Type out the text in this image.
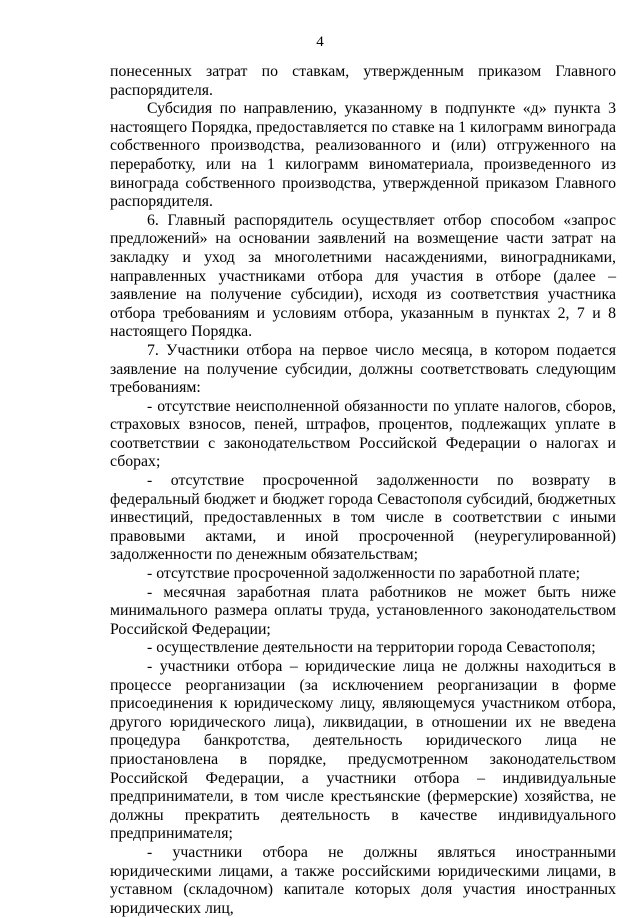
4

понесенных затрат по ставкам, утвержденным приказом Главного распорядителя.

Субсидия по направлению, указанному в подпункте «д» пункта 3 настоящего Порядка, предоставляется по ставке на 1 килограмм винограда собственного производства, реализованного и (или) отгруженного на переработку, или на 1 килограмм виноматериала, произведенного из винограда собственного производства, утвержденной приказом Главного распорядителя.

6. Главный распорядитель осуществляет отбор способом «запрос предложений» на основании заявлений на возмещение части затрат на закладку и уход за многолетними насаждениями, виноградниками, направленных участниками отбора для участия в отборе (далее – заявление на получение субсидии), исходя из соответствия участника отбора требованиям и условиям отбора, указанным в пунктах 2, 7 и 8 настоящего Порядка.

7. Участники отбора на первое число месяца, в котором подается заявление на получение субсидии, должны соответствовать следующим требованиям:

- отсутствие неисполненной обязанности по уплате налогов, сборов, страховых взносов, пеней, штрафов, процентов, подлежащих уплате в соответствии с законодательством Российской Федерации о налогах и сборах;

- отсутствие просроченной задолженности по возврату в федеральный бюджет и бюджет города Севастополя субсидий, бюджетных инвестиций, предоставленных в том числе в соответствии с иными правовыми актами, и иной просроченной (неурегулированной) задолженности по денежным обязательствам;

- отсутствие просроченной задолженности по заработной плате;

- месячная заработная плата работников не может быть ниже минимального размера оплаты труда, установленного законодательством Российской Федерации;

- осуществление деятельности на территории города Севастополя;

- участники отбора – юридические лица не должны находиться в процессе реорганизации (за исключением реорганизации в форме присоединения к юридическому лицу, являющемуся участником отбора, другого юридического лица), ликвидации, в отношении их не введена процедура банкротства, деятельность юридического лица не приостановлена в порядке, предусмотренном законодательством Российской Федерации, а участники отбора – индивидуальные предприниматели, в том числе крестьянские (фермерские) хозяйства, не должны прекратить деятельность в качестве индивидуального предпринимателя;

- участники отбора не должны являться иностранными юридическими лицами, а также российскими юридическими лицами, в уставном (складочном) капитале которых доля участия иностранных юридических лиц,
